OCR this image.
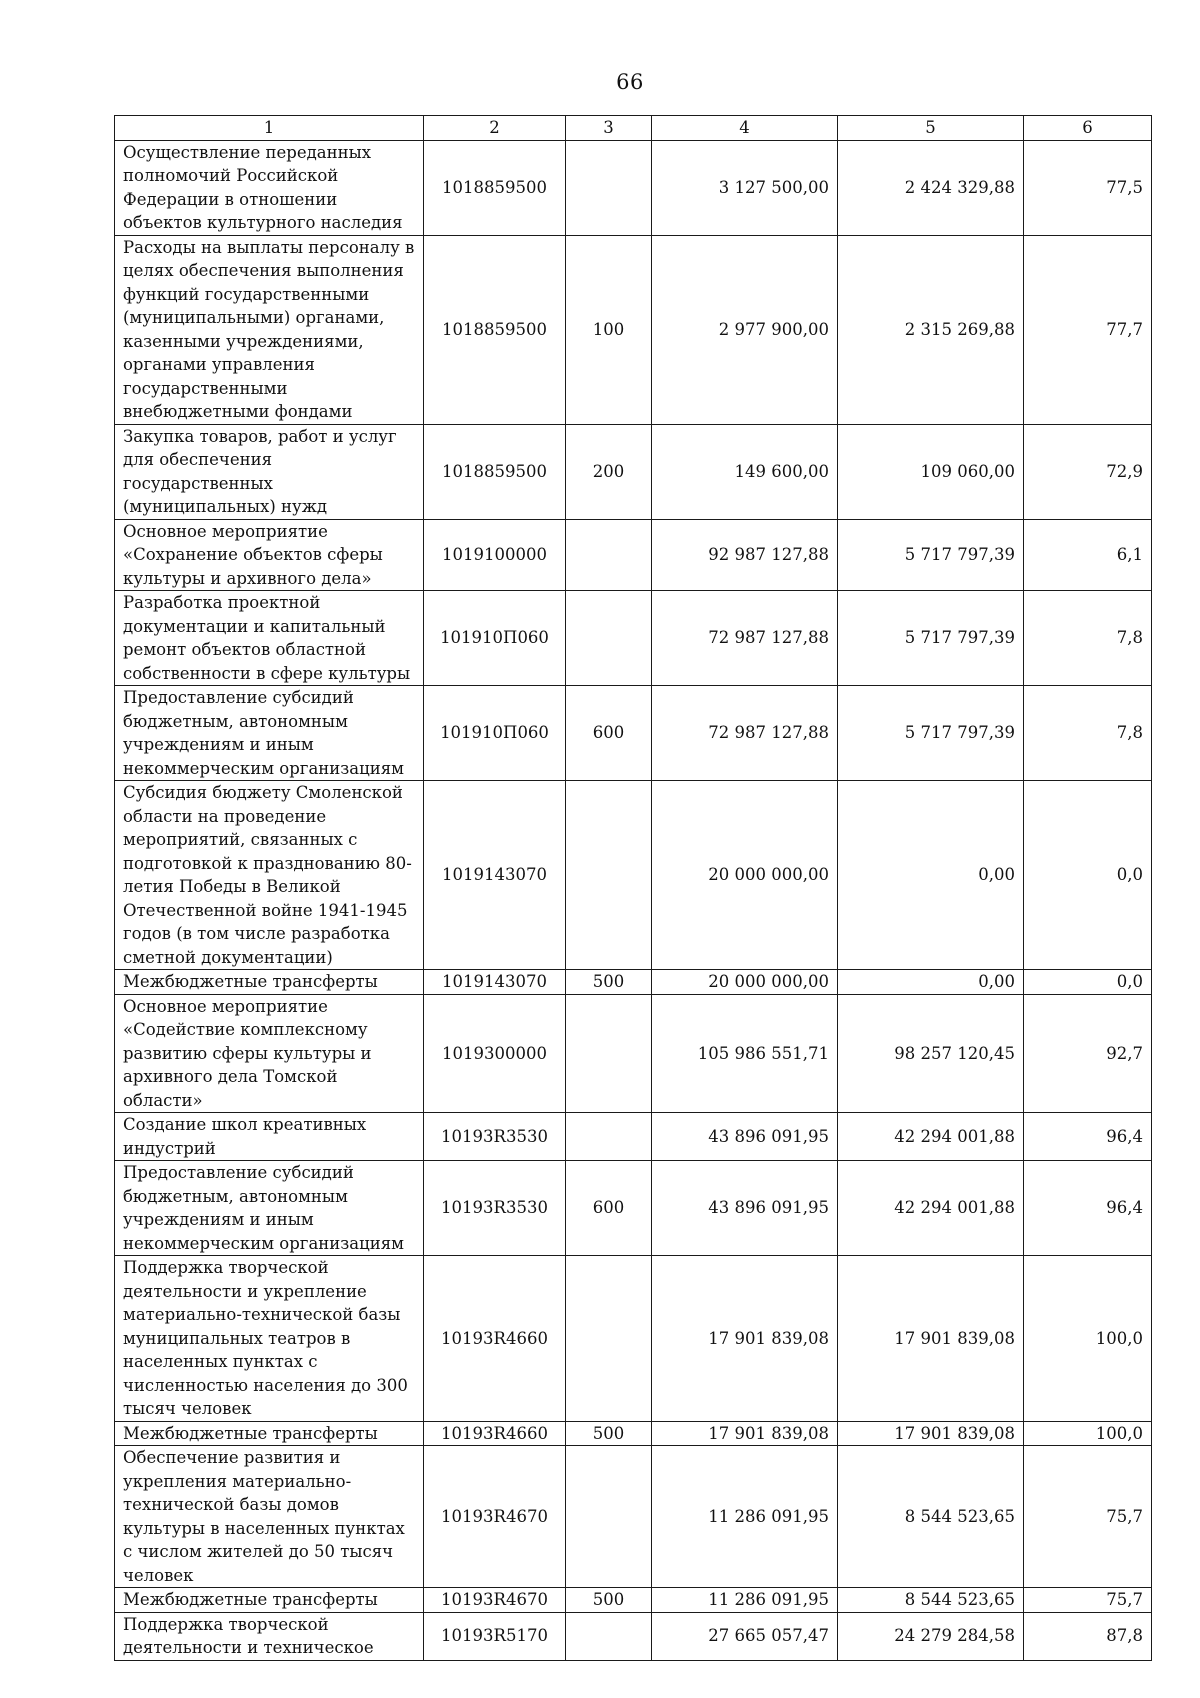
66
1	2	3	4	5	6
Осуществление переданных полномочий Российской Федерации в отношении объектов культурного наследия	1018859500		3 127 500,00	2 424 329,88	77,5
Расходы на выплаты персоналу в целях обеспечения выполнения функций государственными (муниципальными) органами, казенными учреждениями, органами управления государственными внебюджетными фондами	1018859500	100	2 977 900,00	2 315 269,88	77,7
Закупка товаров, работ и услуг для обеспечения государственных (муниципальных) нужд	1018859500	200	149 600,00	109 060,00	72,9
Основное мероприятие «Сохранение объектов сферы культуры и архивного дела»	1019100000		92 987 127,88	5 717 797,39	6,1
Разработка проектной документации и капитальный ремонт объектов областной собственности в сфере культуры	101910П060		72 987 127,88	5 717 797,39	7,8
Предоставление субсидий бюджетным, автономным учреждениям и иным некоммерческим организациям	101910П060	600	72 987 127,88	5 717 797,39	7,8
Субсидия бюджету Смоленской области на проведение мероприятий, связанных с подготовкой к празднованию 80-летия Победы в Великой Отечественной войне 1941-1945 годов (в том числе разработка сметной документации)	1019143070		20 000 000,00	0,00	0,0
Межбюджетные трансферты	1019143070	500	20 000 000,00	0,00	0,0
Основное мероприятие «Содействие комплексному развитию сферы культуры и архивного дела Томской области»	1019300000		105 986 551,71	98 257 120,45	92,7
Создание школ креативных индустрий	10193R3530		43 896 091,95	42 294 001,88	96,4
Предоставление субсидий бюджетным, автономным учреждениям и иным некоммерческим организациям	10193R3530	600	43 896 091,95	42 294 001,88	96,4
Поддержка творческой деятельности и укрепление материально-технической базы муниципальных театров в населенных пунктах с численностью населения до 300 тысяч человек	10193R4660		17 901 839,08	17 901 839,08	100,0
Межбюджетные трансферты	10193R4660	500	17 901 839,08	17 901 839,08	100,0
Обеспечение развития и укрепления материально-технической базы домов культуры в населенных пунктах с числом жителей до 50 тысяч человек	10193R4670		11 286 091,95	8 544 523,65	75,7
Межбюджетные трансферты	10193R4670	500	11 286 091,95	8 544 523,65	75,7
Поддержка творческой деятельности и техническое	10193R5170		27 665 057,47	24 279 284,58	87,8
